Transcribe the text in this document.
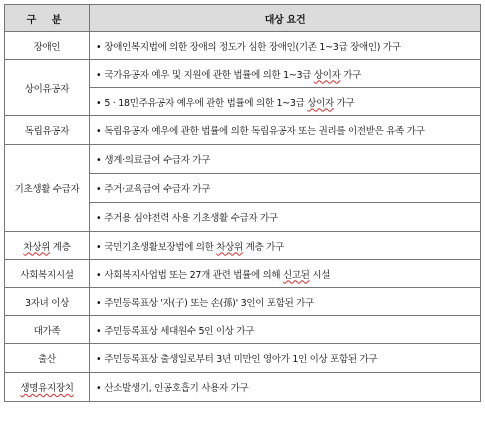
구 분	대상 요건
장애인	• 장애인복지법에 의한 장애의 정도가 심한 장애인(기존 1~3급 장애인) 가구
상이유공자	• 국가유공자 예우 및 지원에 관한 법률에 의한 1~3급 상이자 가구
	• 5 · 18민주유공자 예우에 관한 법률에 의한 1~3급 상이자 가구
독립유공자	• 독립유공자 예우에 관한 법률에 의한 독립유공자 또는 권리를 이전받은 유족 가구
기초생활 수급자	• 생계·의료급여 수급자 가구
	• 주거·교육급여 수급자 가구
	• 주거용 심야전력 사용 기초생활 수급자 가구
차상위 계층	• 국민기초생활보장법에 의한 차상위 계층 가구
사회복지시설	• 사회복지사업법 또는 27개 관련 법률에 의해 신고된 시설
3자녀 이상	• 주민등록표상 '자(子) 또는 손(孫)' 3인이 포함된 가구
대가족	• 주민등록표상 세대원수 5인 이상 가구
출산	• 주민등록표상 출생일로부터 3년 미만인 영아가 1인 이상 포함된 가구
생명유지장치	• 산소발생기, 인공호흡기 사용자 가구
